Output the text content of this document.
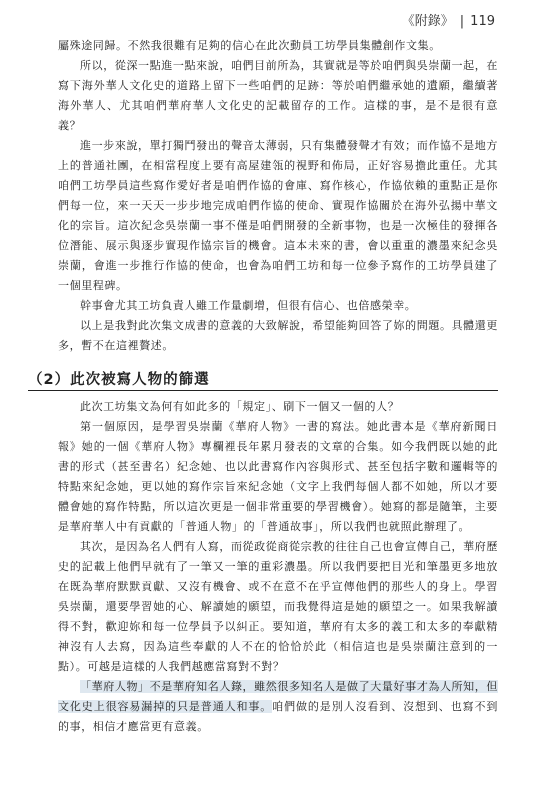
《附錄》 | 119

屬殊途同歸。不然我很難有足夠的信心在此次動員工坊學員集體創作文集。

所以，從深一點進一點來說，咱們目前所為，其實就是等於咱們與吳崇蘭一起，在寫下海外華人文化史的道路上留下一些咱們的足跡：等於咱們繼承她的遺願，繼續著海外華人、尤其咱們華府華人文化史的記載留存的工作。這樣的事，是不是很有意義？

進一步來說，單打獨鬥發出的聲音太薄弱，只有集體發聲才有效；而作協不是地方上的普通社團，在相當程度上要有高屋建瓴的視野和佈局，正好容易擔此重任。尤其咱們工坊學員這些寫作愛好者是咱們作協的會庫、寫作核心，作協依賴的重點正是你們每一位，來一天天一步步地完成咱們作協的使命、實現作協關於在海外弘揚中華文化的宗旨。這次紀念吳崇蘭一事不僅是咱們開發的全新事物，也是一次極佳的發揮各位潛能、展示與逐步實現作協宗旨的機會。這本未來的書，會以重重的濃墨來紀念吳崇蘭，會進一步推行作協的使命，也會為咱們工坊和每一位參予寫作的工坊學員建了一個里程碑。

幹事會尤其工坊負責人雖工作量劇增，但很有信心、也倍感榮幸。

以上是我對此次集文成書的意義的大致解說，希望能夠回答了妳的問題。具體還更多，暫不在這裡贅述。

（2）此次被寫人物的篩選

此次工坊集文為何有如此多的「規定」、刷下一個又一個的人？

第一個原因，是學習吳崇蘭《華府人物》一書的寫法。她此書本是《華府新聞日報》她的一個《華府人物》專欄裡長年累月發表的文章的合集。如今我們既以她的此書的形式（甚至書名）紀念她、也以此書寫作內容與形式、甚至包括字數和邏輯等的特點來紀念她，更以她的寫作宗旨來紀念她（文字上我們每個人都不如她，所以才要體會她的寫作特點，所以這次更是一個非常重要的學習機會）。她寫的都是隨筆，主要是華府華人中有貢獻的「普通人物」的「普通故事」，所以我們也就照此辦理了。

其次，是因為名人們有人寫，而從政從商從宗教的往往自己也會宣傳自己，華府歷史的記載上他們早就有了一筆又一筆的重彩濃墨。所以我們要把目光和筆墨更多地放在既為華府默默貢獻、又沒有機會、或不在意不在乎宣傳他們的那些人的身上。學習吳崇蘭，還要學習她的心、解讀她的願望，而我覺得這是她的願望之一。如果我解讀得不對，歡迎妳和每一位學員予以糾正。要知道，華府有太多的義工和太多的奉獻精神沒有人去寫，因為這些奉獻的人不在的恰恰於此（相信這也是吳崇蘭注意到的一點）。可越是這樣的人我們越應當寫對不對？

「華府人物」不是華府知名人錄，雖然很多知名人是做了大量好事才為人所知，但文化史上很容易漏掉的只是普通人和事。咱們做的是別人沒看到、沒想到、也寫不到的事，相信才應當更有意義。
